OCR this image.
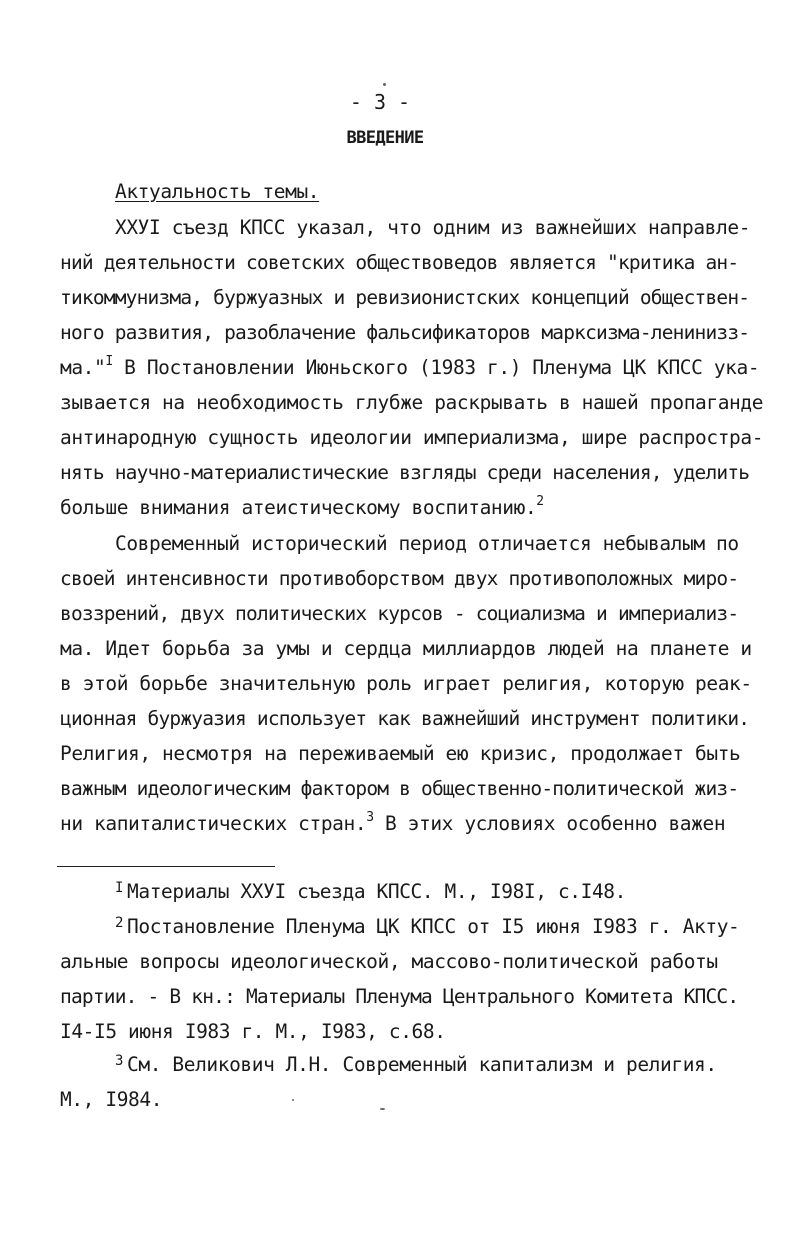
- 3 -
ВВЕДЕНИЕ
Актуальность темы.
XXУI съезд КПСС указал, что одним из важнейших направле-
ний деятельности советских обществоведов является "критика ан-
тикоммунизма, буржуазных и ревизионистских концепций обществен-
ного развития, разоблачение фальсификаторов марксизма-ленинизз-
ма."$^I$ В Постановлении Июньского (1983 г.) Пленума ЦК КПСС ука-
зывается на необходимость глубже раскрывать в нашей пропаганде
антинародную сущность идеологии империализма, шире распростра-
нять научно-материалистические взгляды среди населения, уделить
больше внимания атеистическому воспитанию.$^2$
Современный исторический период отличается небывалым по
своей интенсивности противоборством двух противоположных миро-
воззрений, двух политических курсов - социализма и империализ-
ма. Идет борьба за умы и сердца миллиардов людей на планете и
в этой борьбе значительную роль играет религия, которую реак-
ционная буржуазия использует как важнейший инструмент политики.
Религия, несмотря на переживаемый ею кризис, продолжает быть
важным идеологическим фактором в общественно-политической жиз-
ни капиталистических стран.$^3$ В этих условиях особенно важен
$^I$ Материалы XXУI съезда КПСС. М., I98I, с.I48.
$^2$ Постановление Пленума ЦК КПСС от I5 июня I983 г. Акту-
альные вопросы идеологической, массово-политической работы
партии. - В кн.: Материалы Пленума Центрального Комитета КПСС.
I4-I5 июня I983 г. М., I983, с.68.
$^3$ См. Великович Л.Н. Современный капитализм и религия.
М., I984.
